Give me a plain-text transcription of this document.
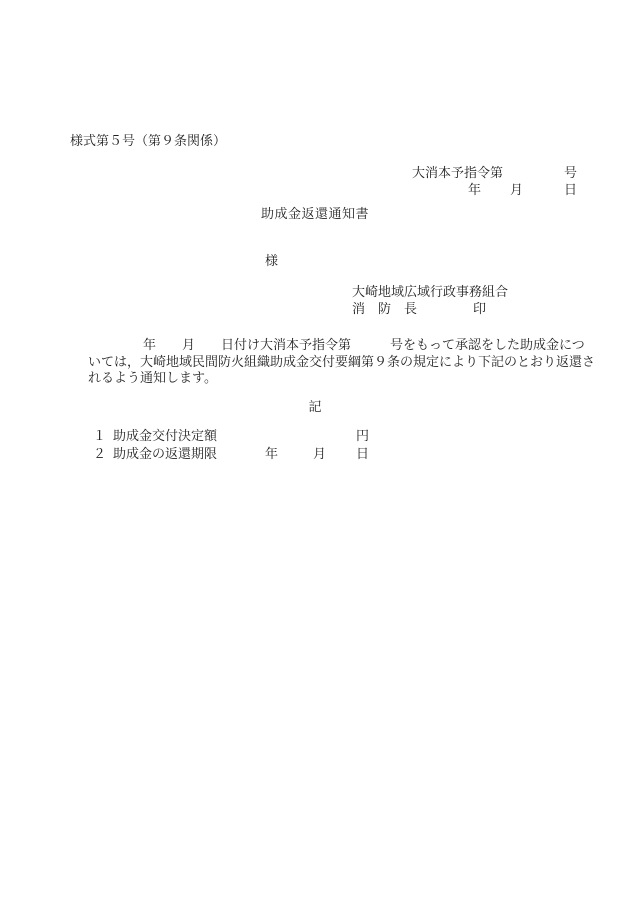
様式第５号（第９条関係）
大消本予指令第	号
年 月	日
助成金返還通知書
様
大崎地域広域行政事務組合
消　防　長	印
年　　月　　日付け大消本予指令第　　　号をもって承認をした助成金につ
いては，大崎地域民間防火組織助成金交付要綱第９条の規定により下記のとおり返還さ
れるよう通知します。
記
１ 助成金交付決定額	円
２ 助成金の返還期限	年	月 日
